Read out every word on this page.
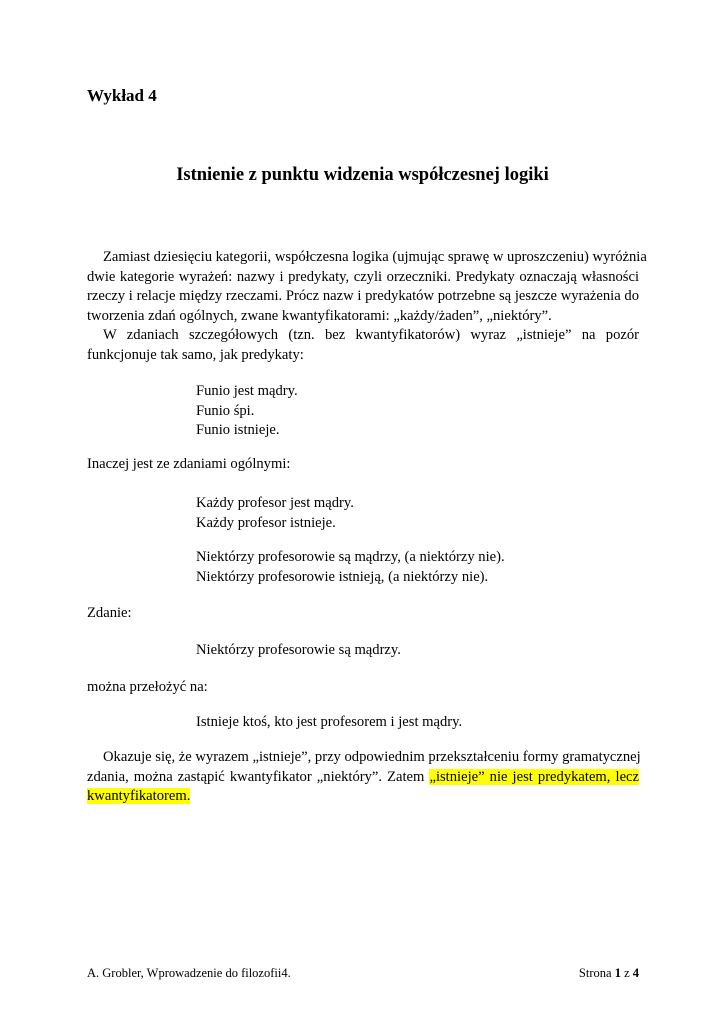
Wykład 4
Istnienie z punktu widzenia współczesnej logiki
Zamiast dziesięciu kategorii, współczesna logika (ujmując sprawę w uproszczeniu) wyróżnia
dwie kategorie wyrażeń: nazwy i predykaty, czyli orzeczniki. Predykaty oznaczają własności
rzeczy i relacje między rzeczami. Prócz nazw i predykatów potrzebne są jeszcze wyrażenia do
tworzenia zdań ogólnych, zwane kwantyfikatorami: „każdy/żaden”, „niektóry”.
W zdaniach szczegółowych (tzn. bez kwantyfikatorów) wyraz „istnieje” na pozór
funkcjonuje tak samo, jak predykaty:
Funio jest mądry.
Funio śpi.
Funio istnieje.
Inaczej jest ze zdaniami ogólnymi:
Każdy profesor jest mądry.
Każdy profesor istnieje.
Niektórzy profesorowie są mądrzy, (a niektórzy nie).
Niektórzy profesorowie istnieją, (a niektórzy nie).
Zdanie:
Niektórzy profesorowie są mądrzy.
można przełożyć na:
Istnieje ktoś, kto jest profesorem i jest mądry.
Okazuje się, że wyrazem „istnieje”, przy odpowiednim przekształceniu formy gramatycznej
zdania, można zastąpić kwantyfikator „niektóry”. Zatem „istnieje” nie jest predykatem, lecz
kwantyfikatorem.
A. Grobler, Wprowadzenie do filozofii4.	Strona 1 z 4
